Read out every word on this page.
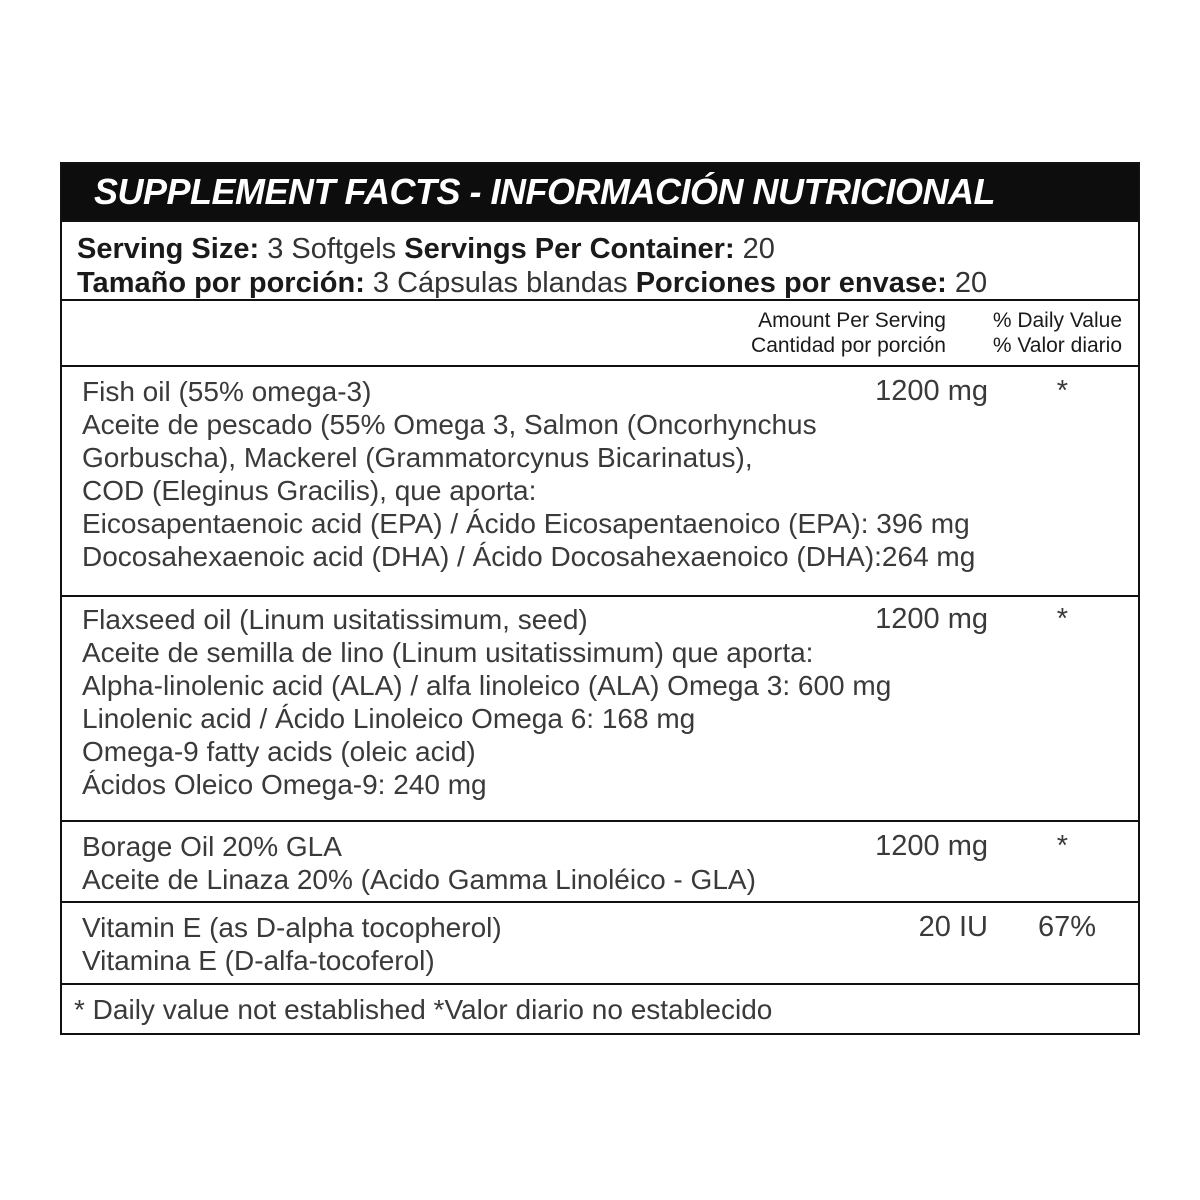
SUPPLEMENT FACTS - INFORMACIÓN NUTRICIONAL
Serving Size: 3 Softgels Servings Per Container: 20
Tamaño por porción: 3 Cápsulas blandas Porciones por envase: 20
Amount Per Serving
Cantidad por porción
% Daily Value
% Valor diario
Fish oil (55% omega-3)
Aceite de pescado (55% Omega 3, Salmon (Oncorhynchus
Gorbuscha), Mackerel (Grammatorcynus Bicarinatus),
COD (Eleginus Gracilis), que aporta:
Eicosapentaenoic acid (EPA) / Ácido Eicosapentaenoico (EPA): 396 mg
Docosahexaenoic acid (DHA) / Ácido Docosahexaenoico (DHA):264 mg
1200 mg *
Flaxseed oil (Linum usitatissimum, seed)
Aceite de semilla de lino (Linum usitatissimum) que aporta:
Alpha-linolenic acid (ALA) / alfa linoleico (ALA) Omega 3: 600 mg
Linolenic acid / Ácido Linoleico Omega 6: 168 mg
Omega-9 fatty acids (oleic acid)
Ácidos Oleico Omega-9: 240 mg
1200 mg *
Borage Oil 20% GLA
Aceite de Linaza 20% (Acido Gamma Linoléico - GLA)
1200 mg *
Vitamin E (as D-alpha tocopherol)
Vitamina E (D-alfa-tocoferol)
20 IU 67%
* Daily value not established *Valor diario no establecido
